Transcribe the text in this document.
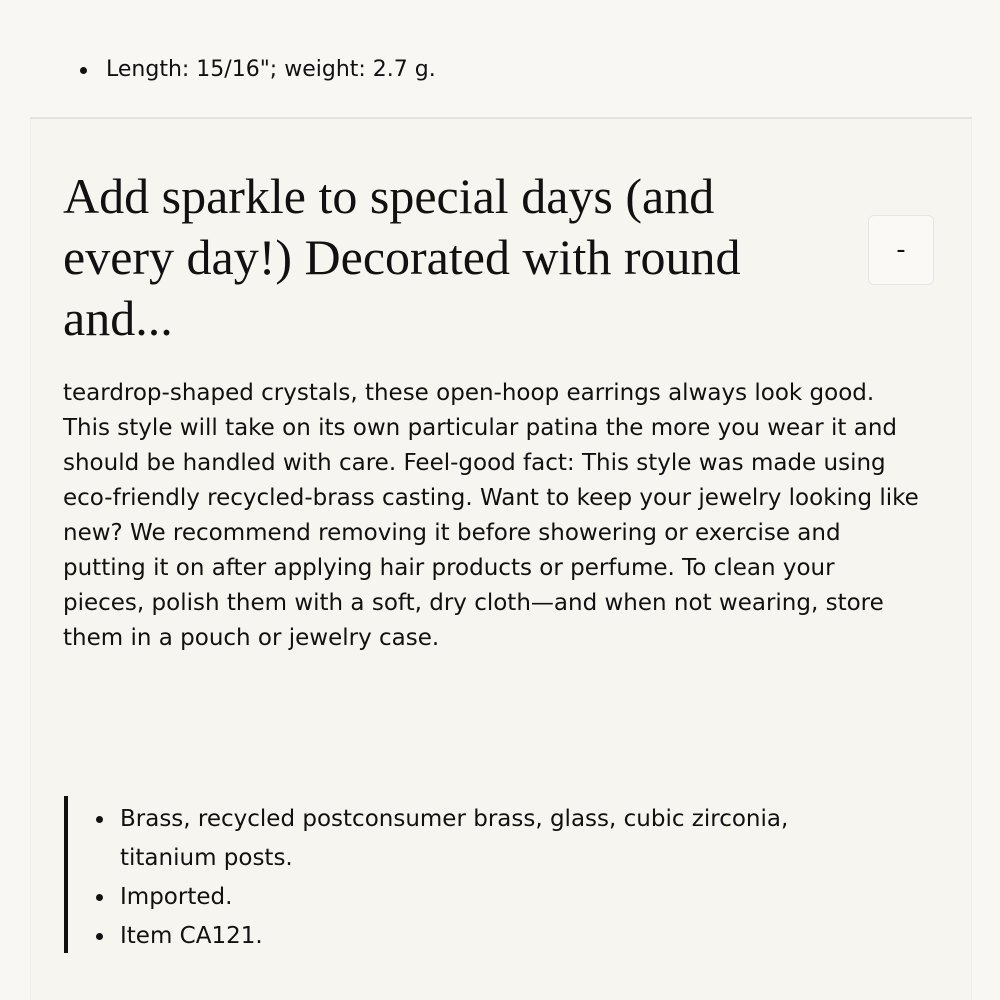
Length: 15/16"; weight: 2.7 g.
Add sparkle to special days (and every day!) Decorated with round and...
-

teardrop-shaped crystals, these open-hoop earrings always look good. This style will take on its own particular patina the more you wear it and should be handled with care. Feel-good fact: This style was made using eco-friendly recycled-brass casting. Want to keep your jewelry looking like new? We recommend removing it before showering or exercise and putting it on after applying hair products or perfume. To clean your pieces, polish them with a soft, dry cloth—and when not wearing, store them in a pouch or jewelry case.

Brass, recycled postconsumer brass, glass, cubic zirconia, titanium posts.
Imported.
Item CA121.
